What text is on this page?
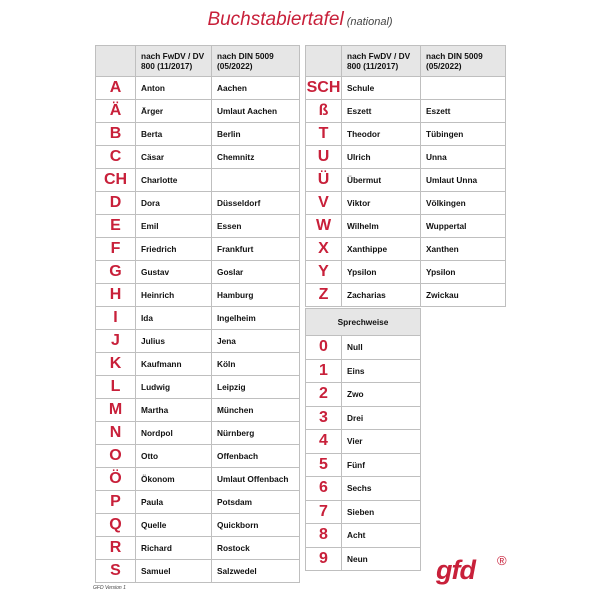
Buchstabiertafel (national)
	nach FwDV / DV 800 (11/2017)	nach DIN 5009 (05/2022)
A	Anton	Aachen
Ä	Ärger	Umlaut Aachen
B	Berta	Berlin
C	Cäsar	Chemnitz
CH	Charlotte	
D	Dora	Düsseldorf
E	Emil	Essen
F	Friedrich	Frankfurt
G	Gustav	Goslar
H	Heinrich	Hamburg
I	Ida	Ingelheim
J	Julius	Jena
K	Kaufmann	Köln
L	Ludwig	Leipzig
M	Martha	München
N	Nordpol	Nürnberg
O	Otto	Offenbach
Ö	Ökonom	Umlaut Offenbach
P	Paula	Potsdam
Q	Quelle	Quickborn
R	Richard	Rostock
S	Samuel	Salzwedel
	nach FwDV / DV 800 (11/2017)	nach DIN 5009 (05/2022)
SCH	Schule	
ß	Eszett	Eszett
T	Theodor	Tübingen
U	Ulrich	Unna
Ü	Übermut	Umlaut Unna
V	Viktor	Völkingen
W	Wilhelm	Wuppertal
X	Xanthippe	Xanthen
Y	Ypsilon	Ypsilon
Z	Zacharias	Zwickau
Sprechweise	
0	Null
1	Eins
2	Zwo
3	Drei
4	Vier
5	Fünf
6	Sechs
7	Sieben
8	Acht
9	Neun	gfd ®
GFD Version 1
